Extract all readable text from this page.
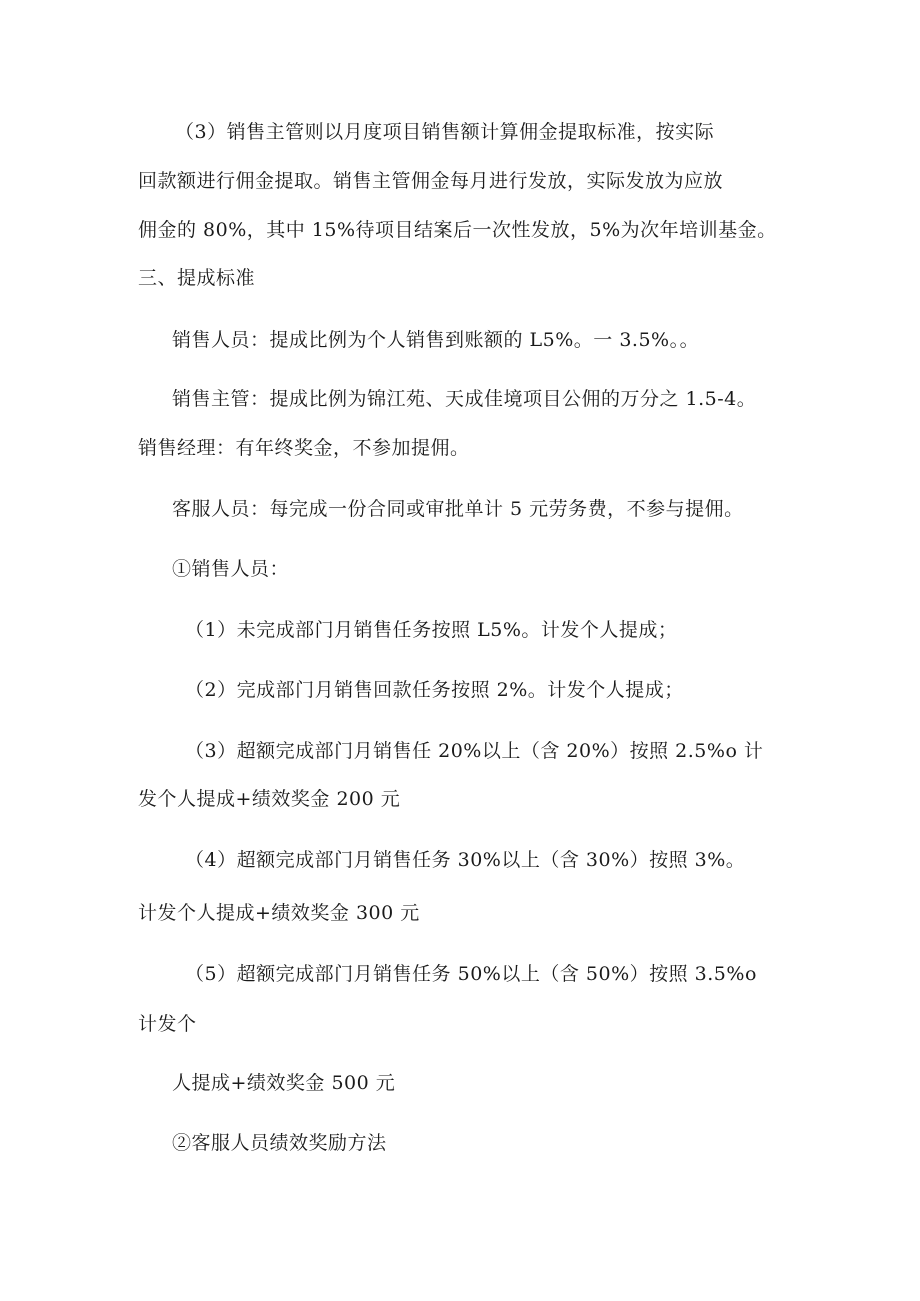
（3）销售主管则以月度项目销售额计算佣金提取标准，按实际
回款额进行佣金提取。销售主管佣金每月进行发放，实际发放为应放
佣金的 80%，其中 15%待项目结案后一次性发放，5%为次年培训基金。
三、提成标准
销售人员：提成比例为个人销售到账额的 L5%。一 3.5%。。
销售主管：提成比例为锦江苑、天成佳境项目公佣的万分之 1.5-4。
销售经理：有年终奖金，不参加提佣。
客服人员：每完成一份合同或审批单计 5 元劳务费，不参与提佣。
①销售人员：
（1）未完成部门月销售任务按照 L5%。计发个人提成；
（2）完成部门月销售回款任务按照 2%。计发个人提成；
（3）超额完成部门月销售任 20%以上（含 20%）按照 2.5%o 计
发个人提成+绩效奖金 200 元
（4）超额完成部门月销售任务 30%以上（含 30%）按照 3%。
计发个人提成+绩效奖金 300 元
（5）超额完成部门月销售任务 50%以上（含 50%）按照 3.5%o
计发个
人提成+绩效奖金 500 元
②客服人员绩效奖励方法
